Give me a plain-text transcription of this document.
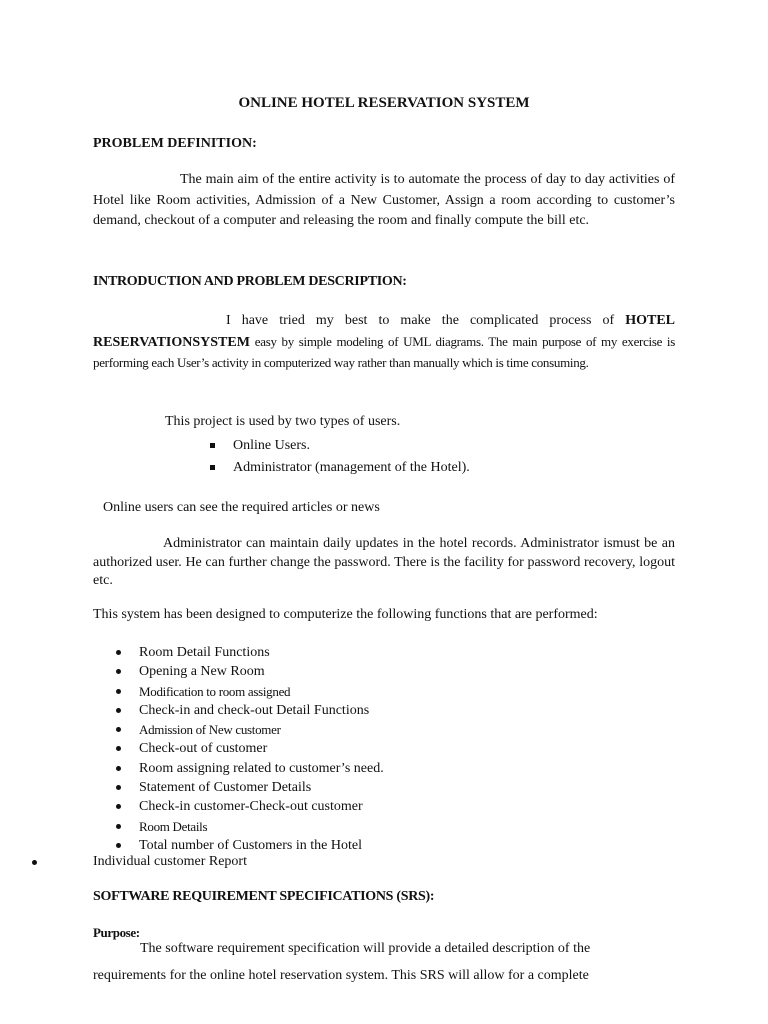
ONLINE HOTEL RESERVATION SYSTEM
PROBLEM DEFINITION:
The main aim of the entire activity is to automate the process of day to day activities of Hotel like Room activities, Admission of a New Customer, Assign a room according to customer’s demand, checkout of a computer and releasing the room and finally compute the bill etc.
INTRODUCTION AND PROBLEM DESCRIPTION:
I have tried my best to make the complicated process of HOTEL RESERVATIONSYSTEM easy by simple modeling of UML diagrams. The main purpose of my exercise is performing each User’s activity in computerized way rather than manually which is time consuming.
This project is used by two types of users.
Online Users.
Administrator (management of the Hotel).
Online users can see the required articles or news
Administrator can maintain daily updates in the hotel records. Administrator ismust be an authorized user. He can further change the password. There is the facility for password recovery, logout etc.
This system has been designed to computerize the following functions that are performed:
Room Detail Functions
Opening a New Room
Modification to room assigned
Check-in and check-out Detail Functions
Admission of New customer
Check-out of customer
Room assigning related to customer’s need.
Statement of Customer Details
Check-in customer-Check-out customer
Room Details
Total number of Customers in the Hotel
Individual customer Report
SOFTWARE REQUIREMENT SPECIFICATIONS (SRS):
Purpose:
The software requirement specification will provide a detailed description of the
requirements for the online hotel reservation system. This SRS will allow for a complete
